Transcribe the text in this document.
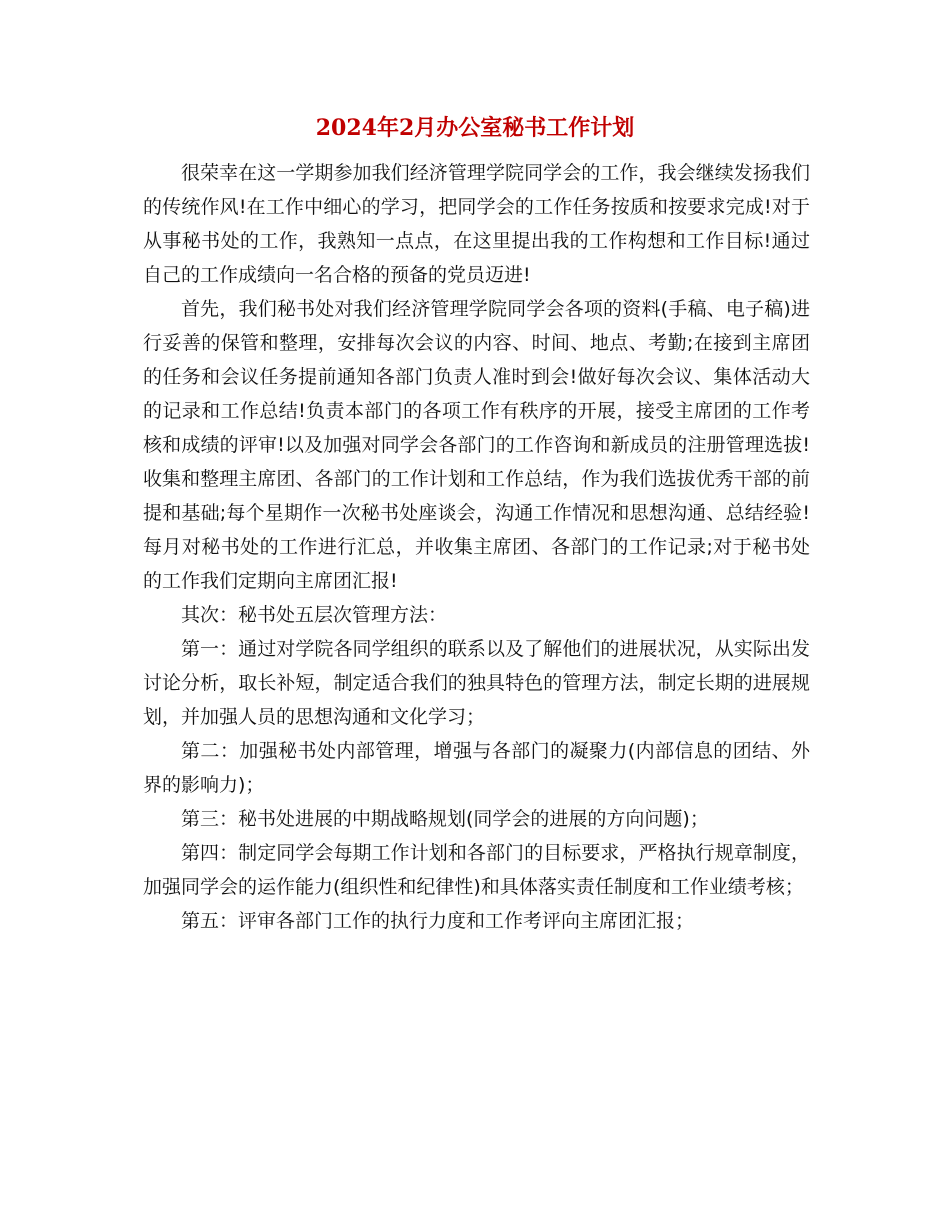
2024年2月办公室秘书工作计划

很荣幸在这一学期参加我们经济管理学院同学会的工作，我会继续发扬我们的传统作风!在工作中细心的学习，把同学会的工作任务按质和按要求完成!对于从事秘书处的工作，我熟知一点点，在这里提出我的工作构想和工作目标!通过自己的工作成绩向一名合格的预备的党员迈进!

首先，我们秘书处对我们经济管理学院同学会各项的资料(手稿、电子稿)进行妥善的保管和整理，安排每次会议的内容、时间、地点、考勤;在接到主席团的任务和会议任务提前通知各部门负责人准时到会!做好每次会议、集体活动大的记录和工作总结!负责本部门的各项工作有秩序的开展，接受主席团的工作考核和成绩的评审!以及加强对同学会各部门的工作咨询和新成员的注册管理选拔!收集和整理主席团、各部门的工作计划和工作总结，作为我们选拔优秀干部的前提和基础;每个星期作一次秘书处座谈会，沟通工作情况和思想沟通、总结经验!每月对秘书处的工作进行汇总，并收集主席团、各部门的工作记录;对于秘书处的工作我们定期向主席团汇报!

其次：秘书处五层次管理方法：

第一：通过对学院各同学组织的联系以及了解他们的进展状况，从实际出发讨论分析，取长补短，制定适合我们的独具特色的管理方法，制定长期的进展规划，并加强人员的思想沟通和文化学习；

第二：加强秘书处内部管理，增强与各部门的凝聚力(内部信息的团结、外界的影响力)；

第三：秘书处进展的中期战略规划(同学会的进展的方向问题)；

第四：制定同学会每期工作计划和各部门的目标要求，严格执行规章制度，加强同学会的运作能力(组织性和纪律性)和具体落实责任制度和工作业绩考核；

第五：评审各部门工作的执行力度和工作考评向主席团汇报；
